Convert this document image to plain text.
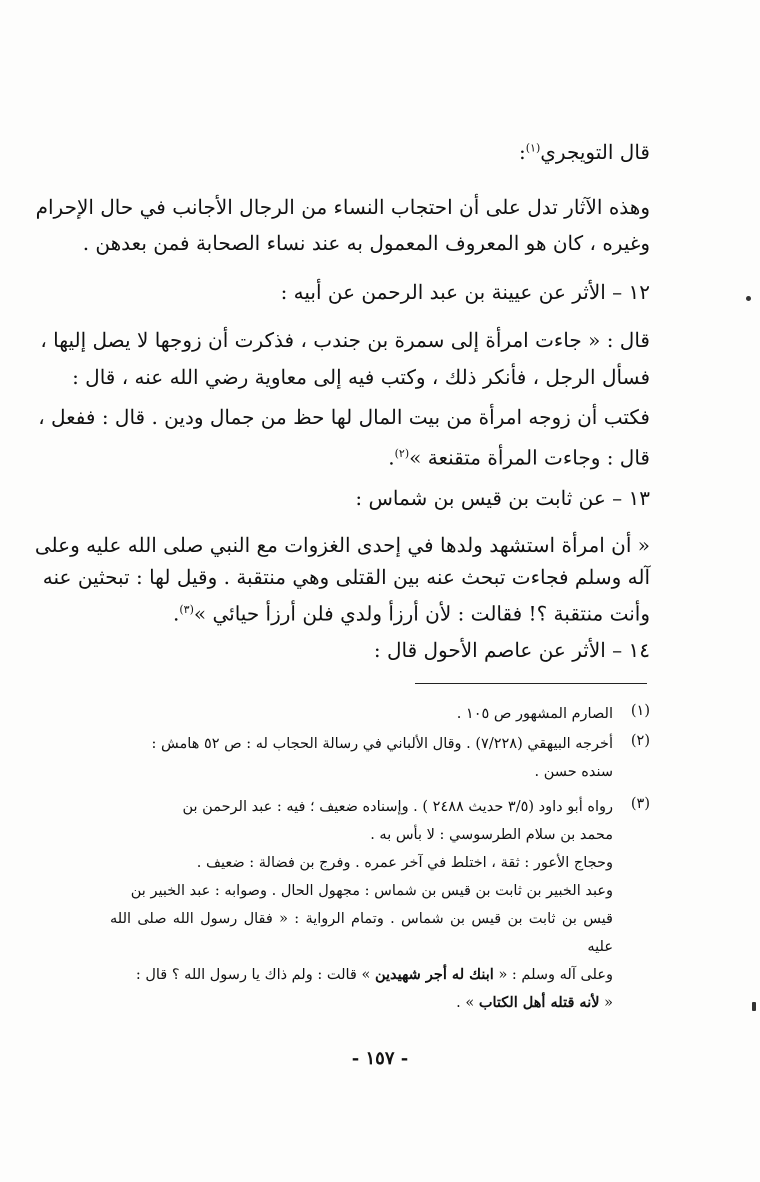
قال التويجري$^{(١)}$:
وهذه الآثار تدل على أن احتجاب النساء من الرجال الأجانب في حال الإحرام
وغيره ، كان هو المعروف المعمول به عند نساء الصحابة فمن بعدهن .
١٢ – الأثر عن عيينة بن عبد الرحمن عن أبيه :
قال : « جاءت امرأة إلى سمرة بن جندب ، فذكرت أن زوجها لا يصل إليها ،
فسأل الرجل ، فأنكر ذلك ، وكتب فيه إلى معاوية رضي الله عنه ، قال :
فكتب أن زوجه امرأة من بيت المال لها حظ من جمال ودين . قال : ففعل ،
قال : وجاءت المرأة متقنعة »$^{(٢)}$.
١٣ – عن ثابت بن قيس بن شماس :
« أن امرأة استشهد ولدها في إحدى الغزوات مع النبي صلى الله عليه وعلى
آله وسلم فجاءت تبحث عنه بين القتلى وهي منتقبة . وقيل لها : تبحثين عنه
وأنت منتقبة ؟! فقالت : لأن أرزأ ولدي فلن أرزأ حيائي »$^{(٣)}$.
١٤ – الأثر عن عاصم الأحول قال :
(١)
الصارم المشهور ص ١٠٥ .
(٢)
أخرجه البيهقي (٧/٢٢٨) . وقال الألباني في رسالة الحجاب له : ص ٥٢ هامش :
سنده حسن .
(٣)
رواه أبو داود (٣/٥ حديث ٢٤٨٨ ) . وإسناده ضعيف ؛ فيه : عبد الرحمن بن
محمد بن سلام الطرسوسي : لا بأس به .
وحجاج الأعور : ثقة ، اختلط في آخر عمره . وفرج بن فضالة : ضعيف .
وعبد الخبير بن ثابت بن قيس بن شماس : مجهول الحال . وصوابه : عبد الخبير بن
قيس بن ثابت بن قيس بن شماس . وتمام الرواية : « فقال رسول الله صلى الله عليه
وعلى آله وسلم : « ابنك له أجر شهيدين » قالت : ولم ذاك يا رسول الله ؟ قال :
« لأنه قتله أهل الكتاب » .
- ١٥٧ -
